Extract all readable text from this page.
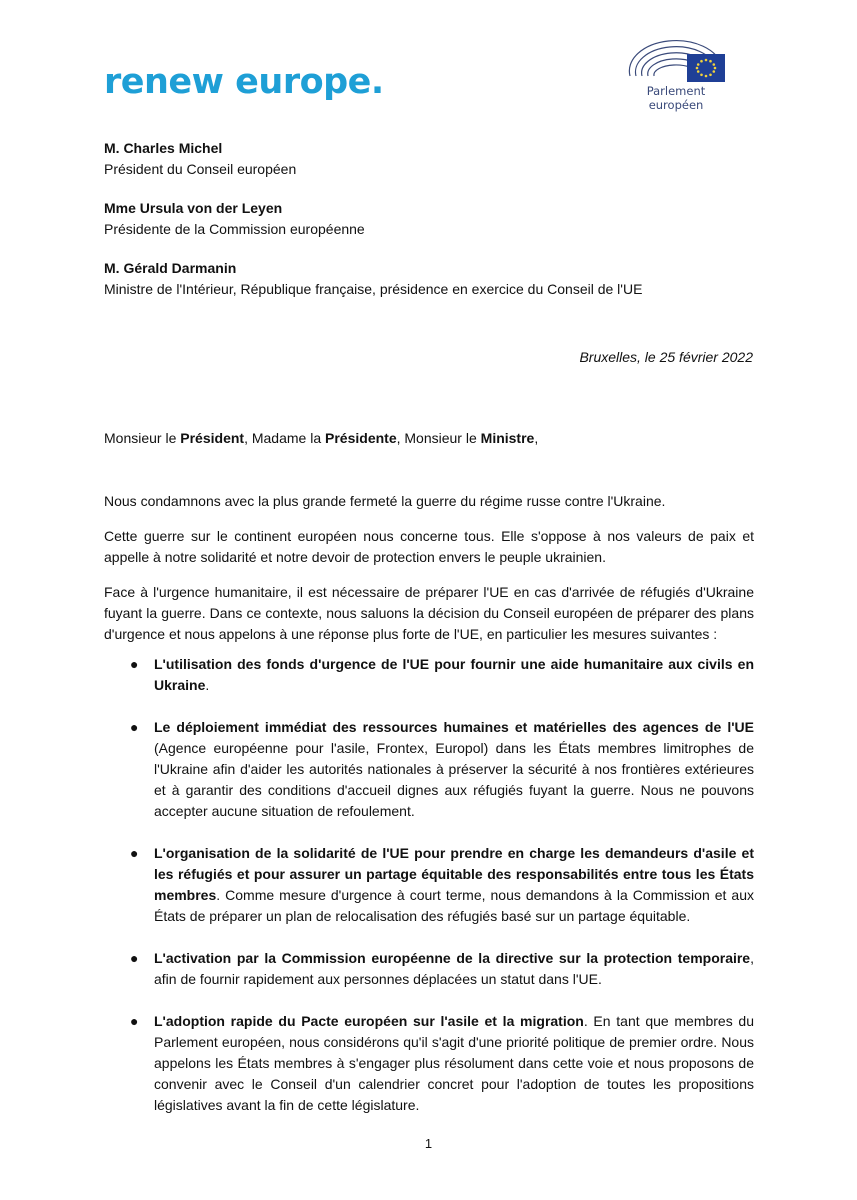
renew europe.	Parlement européen
M. Charles Michel
Président du Conseil européen
Mme Ursula von der Leyen
Présidente de la Commission européenne
M. Gérald Darmanin
Ministre de l'Intérieur, République française, présidence en exercice du Conseil de l'UE
Bruxelles, le 25 février 2022

Monsieur le Président, Madame la Présidente, Monsieur le Ministre,

Nous condamnons avec la plus grande fermeté la guerre du régime russe contre l'Ukraine.

Cette guerre sur le continent européen nous concerne tous. Elle s'oppose à nos valeurs de paix et appelle à notre solidarité et notre devoir de protection envers le peuple ukrainien.

Face à l'urgence humanitaire, il est nécessaire de préparer l'UE en cas d'arrivée de réfugiés d'Ukraine fuyant la guerre. Dans ce contexte, nous saluons la décision du Conseil européen de préparer des plans d'urgence et nous appelons à une réponse plus forte de l'UE, en particulier les mesures suivantes :

● L'utilisation des fonds d'urgence de l'UE pour fournir une aide humanitaire aux civils en Ukraine.
● Le déploiement immédiat des ressources humaines et matérielles des agences de l'UE (Agence européenne pour l'asile, Frontex, Europol) dans les États membres limitrophes de l'Ukraine afin d'aider les autorités nationales à préserver la sécurité à nos frontières extérieures et à garantir des conditions d'accueil dignes aux réfugiés fuyant la guerre. Nous ne pouvons accepter aucune situation de refoulement.
● L'organisation de la solidarité de l'UE pour prendre en charge les demandeurs d'asile et les réfugiés et pour assurer un partage équitable des responsabilités entre tous les États membres. Comme mesure d'urgence à court terme, nous demandons à la Commission et aux États de préparer un plan de relocalisation des réfugiés basé sur un partage équitable.
● L'activation par la Commission européenne de la directive sur la protection temporaire, afin de fournir rapidement aux personnes déplacées un statut dans l'UE.
● L'adoption rapide du Pacte européen sur l'asile et la migration. En tant que membres du Parlement européen, nous considérons qu'il s'agit d'une priorité politique de premier ordre. Nous appelons les États membres à s'engager plus résolument dans cette voie et nous proposons de convenir avec le Conseil d'un calendrier concret pour l'adoption de toutes les propositions législatives avant la fin de cette législature.
1
